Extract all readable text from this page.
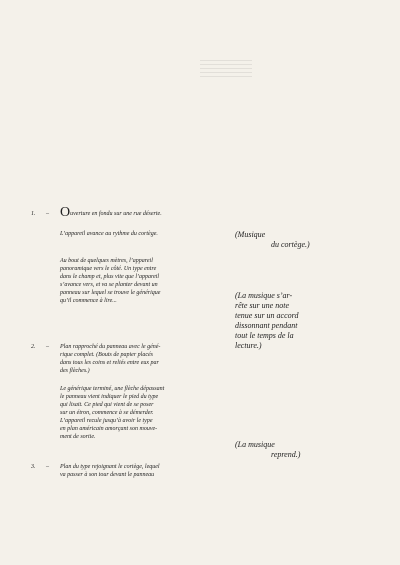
1. – Ouverture en fondu sur une rue déserte.
L’appareil avance au rythme du cortège.
Au bout de quelques mètres, l’appareil
panoramique vers le côté. Un type entre
dans le champ et, plus vite que l’appareil
s’avance vers, et va se planter devant un
panneau sur lequel se trouve le générique
qu’il commence à lire...
(Musique
du cortège.)
(La musique s’ar-
rête sur une note
tenue sur un accord
dissonnant pendant
tout le temps de la
lecture.)
2. – Plan rapproché du panneau avec le géné-
rique complet. (Bouts de papier placés
dans tous les coins et reliés entre eux par
des flèches.)
Le générique terminé, une flèche dépassant
le panneau vient indiquer le pied du type
qui lisait. Ce pied qui vient de se poser
sur un étron, commence à se démerder.
L’appareil recule jusqu’à avoir le type
en plan américain amorçant son mouve-
ment de sortie.
(La musique
reprend.)
3. – Plan du type rejoignant le cortège, lequel
va passer à son tour devant le panneau
